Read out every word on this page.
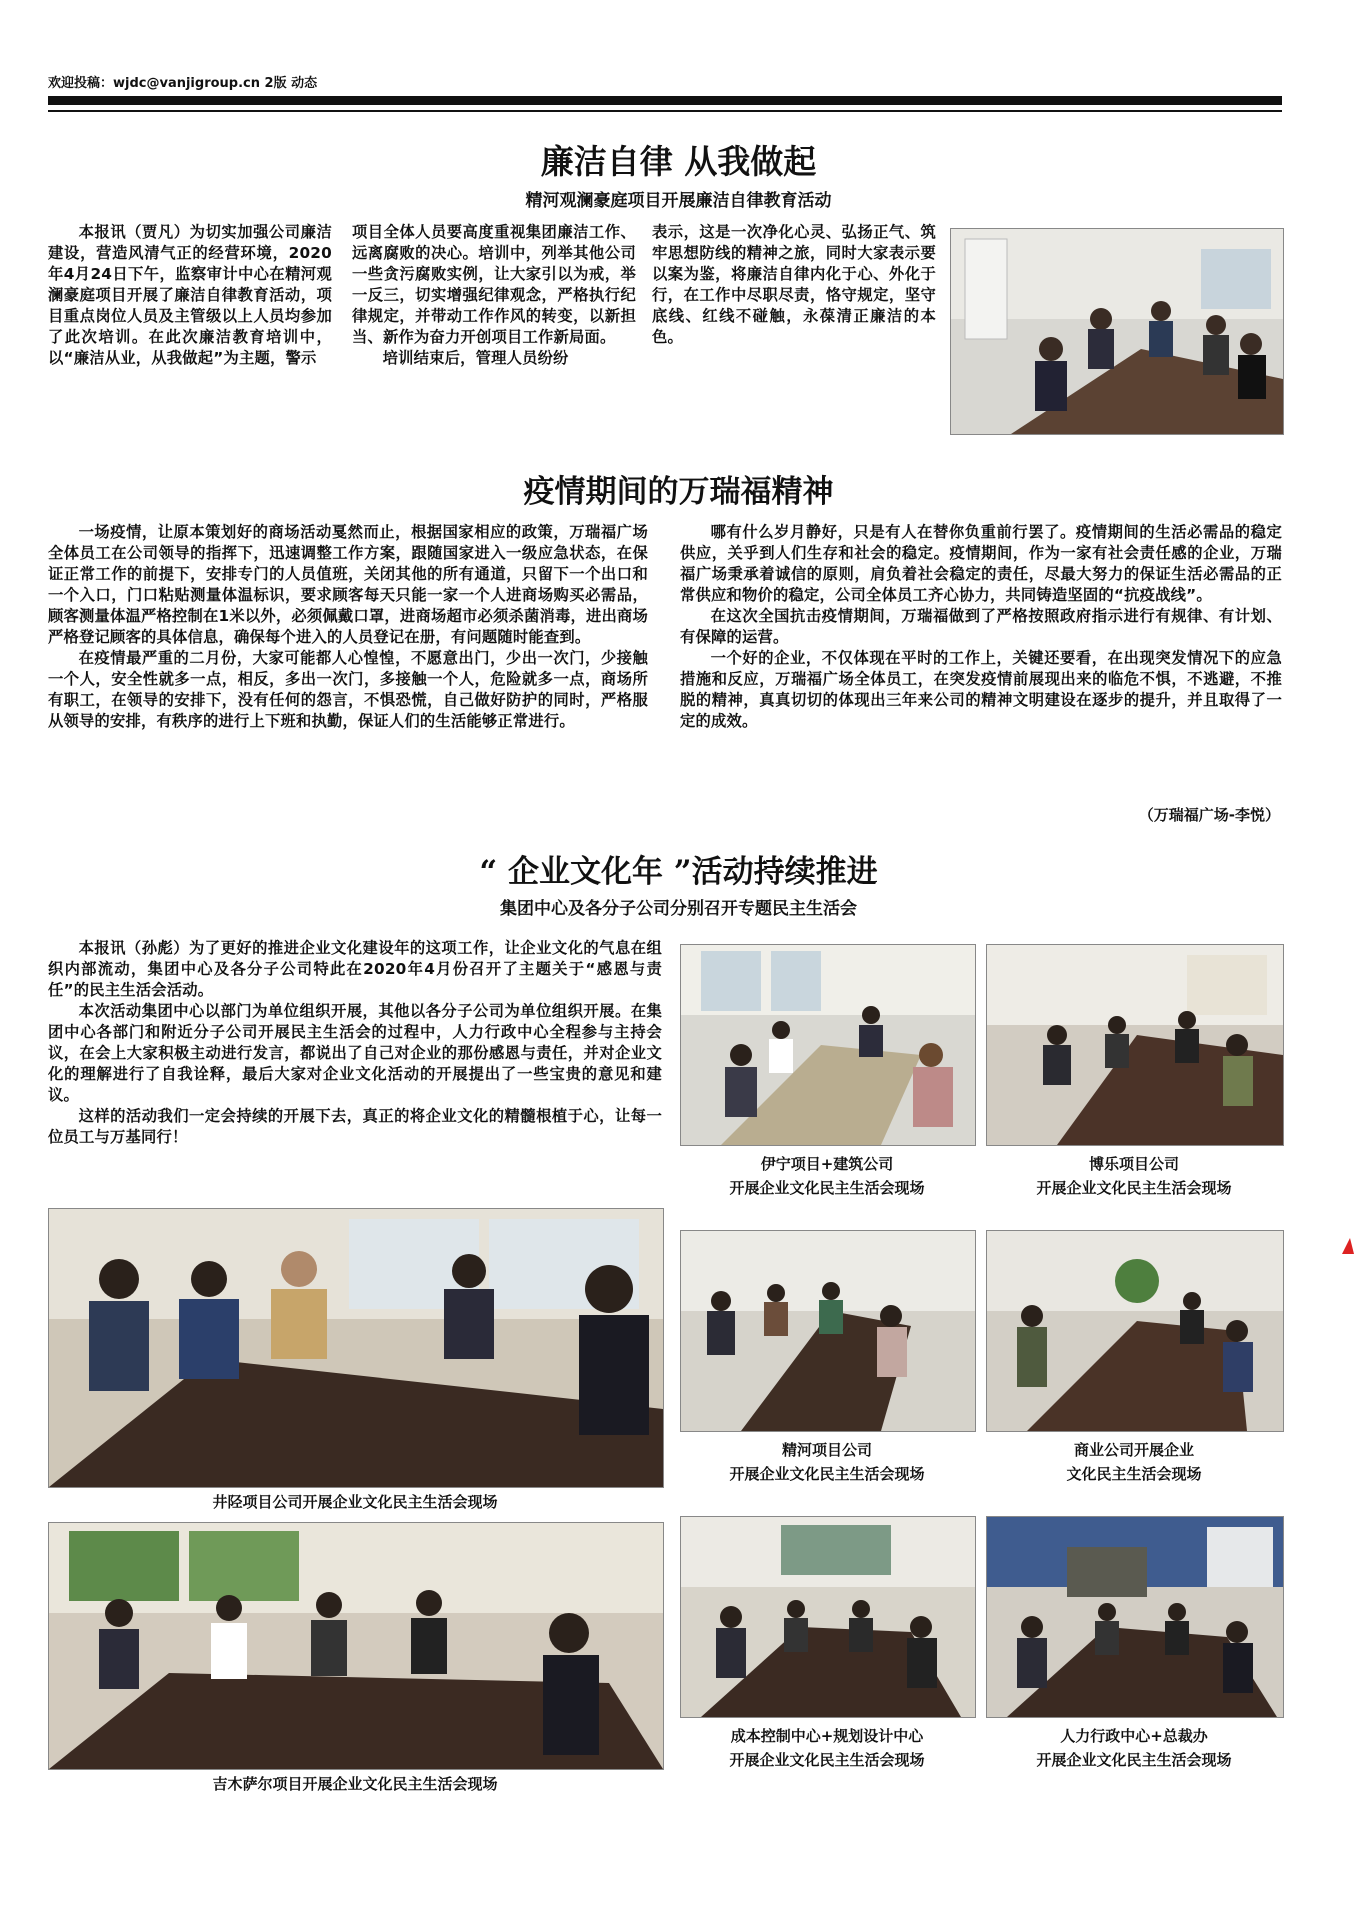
欢迎投稿：wjdc@vanjigroup.cn 2版 动态
廉洁自律 从我做起
精河观澜豪庭项目开展廉洁自律教育活动

本报讯（贾凡）为切实加强公司廉洁建设，营造风清气正的经营环境，2020年4月24日下午，监察审计中心在精河观澜豪庭项目开展了廉洁自律教育活动，项目重点岗位人员及主管级以上人员均参加了此次培训。在此次廉洁教育培训中，以“廉洁从业，从我做起”为主题，警示

项目全体人员要高度重视集团廉洁工作、远离腐败的决心。培训中，列举其他公司一些贪污腐败实例，让大家引以为戒，举一反三，切实增强纪律观念，严格执行纪律规定，并带动工作作风的转变，以新担当、新作为奋力开创项目工作新局面。

培训结束后，管理人员纷纷

表示，这是一次净化心灵、弘扬正气、筑牢思想防线的精神之旅，同时大家表示要以案为鉴，将廉洁自律内化于心、外化于行，在工作中尽职尽责，恪守规定，坚守底线、红线不碰触，永葆清正廉洁的本色。

疫情期间的万瑞福精神

一场疫情，让原本策划好的商场活动戛然而止，根据国家相应的政策，万瑞福广场全体员工在公司领导的指挥下，迅速调整工作方案，跟随国家进入一级应急状态，在保证正常工作的前提下，安排专门的人员值班，关闭其他的所有通道，只留下一个出口和一个入口，门口粘贴测量体温标识，要求顾客每天只能一家一个人进商场购买必需品，顾客测量体温严格控制在1米以外，必须佩戴口罩，进商场超市必须杀菌消毒，进出商场严格登记顾客的具体信息，确保每个进入的人员登记在册，有问题随时能查到。

在疫情最严重的二月份，大家可能都人心惶惶，不愿意出门，少出一次门，少接触一个人，安全性就多一点，相反，多出一次门，多接触一个人，危险就多一点，商场所有职工，在领导的安排下，没有任何的怨言，不惧恐慌，自己做好防护的同时，严格服从领导的安排，有秩序的进行上下班和执勤，保证人们的生活能够正常进行。

哪有什么岁月静好，只是有人在替你负重前行罢了。疫情期间的生活必需品的稳定供应，关乎到人们生存和社会的稳定。疫情期间，作为一家有社会责任感的企业，万瑞福广场秉承着诚信的原则，肩负着社会稳定的责任，尽最大努力的保证生活必需品的正常供应和物价的稳定，公司全体员工齐心协力，共同铸造坚固的“抗疫战线”。

在这次全国抗击疫情期间，万瑞福做到了严格按照政府指示进行有规律、有计划、有保障的运营。

一个好的企业，不仅体现在平时的工作上，关键还要看，在出现突发情况下的应急措施和反应，万瑞福广场全体员工，在突发疫情前展现出来的临危不惧，不逃避，不推脱的精神，真真切切的体现出三年来公司的精神文明建设在逐步的提升，并且取得了一定的成效。

（万瑞福广场-李悦）
“ 企业文化年 ”活动持续推进
集团中心及各分子公司分别召开专题民主生活会

本报讯（孙彪）为了更好的推进企业文化建设年的这项工作，让企业文化的气息在组织内部流动，集团中心及各分子公司特此在2020年4月份召开了主题关于“感恩与责任”的民主生活会活动。

本次活动集团中心以部门为单位组织开展，其他以各分子公司为单位组织开展。在集团中心各部门和附近分子公司开展民主生活会的过程中，人力行政中心全程参与主持会议，在会上大家积极主动进行发言，都说出了自己对企业的那份感恩与责任，并对企业文化的理解进行了自我诠释，最后大家对企业文化活动的开展提出了一些宝贵的意见和建议。

这样的活动我们一定会持续的开展下去，真正的将企业文化的精髓根植于心，让每一位员工与万基同行！

伊宁项目+建筑公司
开展企业文化民主生活会现场
博乐项目公司
开展企业文化民主生活会现场
井陉项目公司开展企业文化民主生活会现场
精河项目公司
开展企业文化民主生活会现场
商业公司开展企业
文化民主生活会现场
吉木萨尔项目开展企业文化民主生活会现场
成本控制中心+规划设计中心
开展企业文化民主生活会现场
人力行政中心+总裁办
开展企业文化民主生活会现场
